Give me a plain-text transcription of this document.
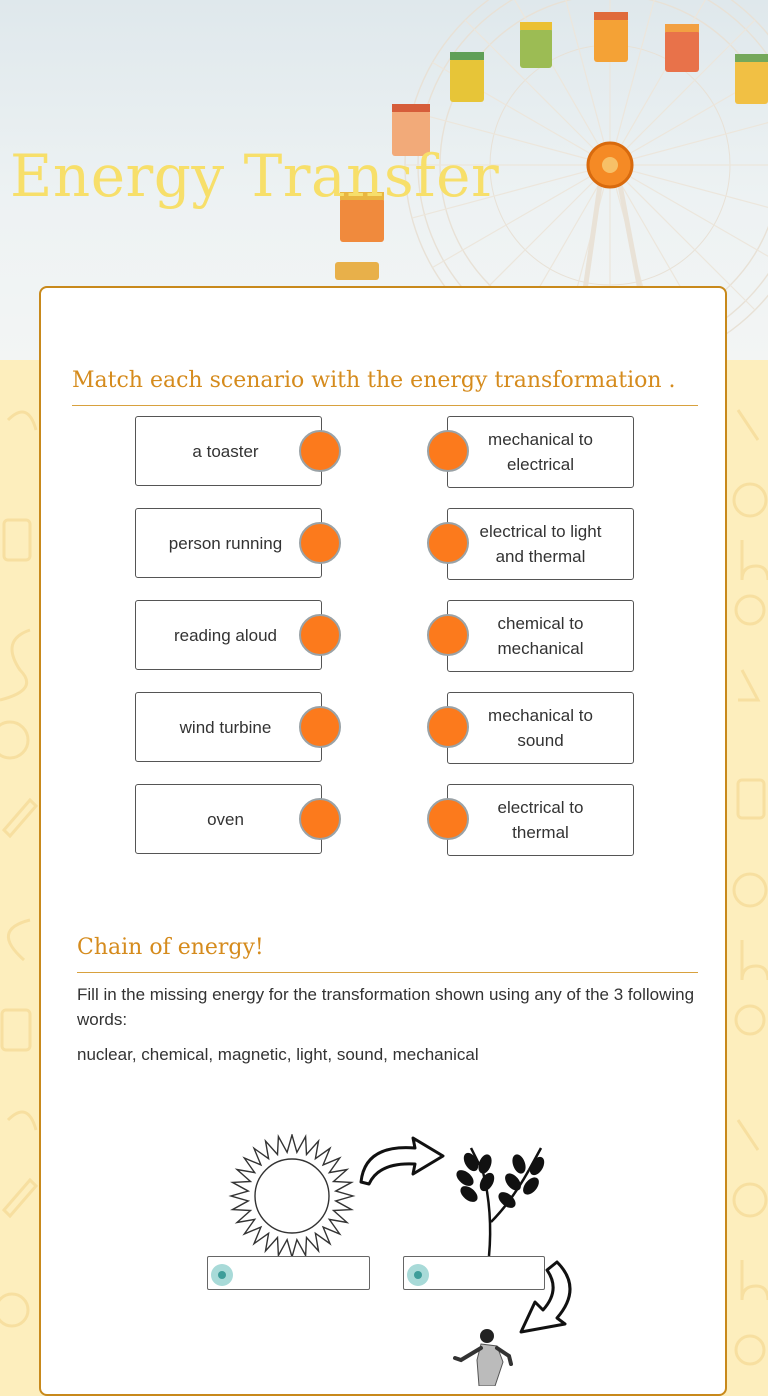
Energy Transfer
Match each scenario with the energy transformation .
a toaster
person running
reading aloud
wind turbine
oven
mechanical to
electrical
electrical to light
and thermal
chemical to
mechanical
mechanical to
sound
electrical to
thermal
Chain of energy!

Fill in the missing energy for the transformation shown using any of the 3 following words:

nuclear, chemical, magnetic, light, sound, mechanical
